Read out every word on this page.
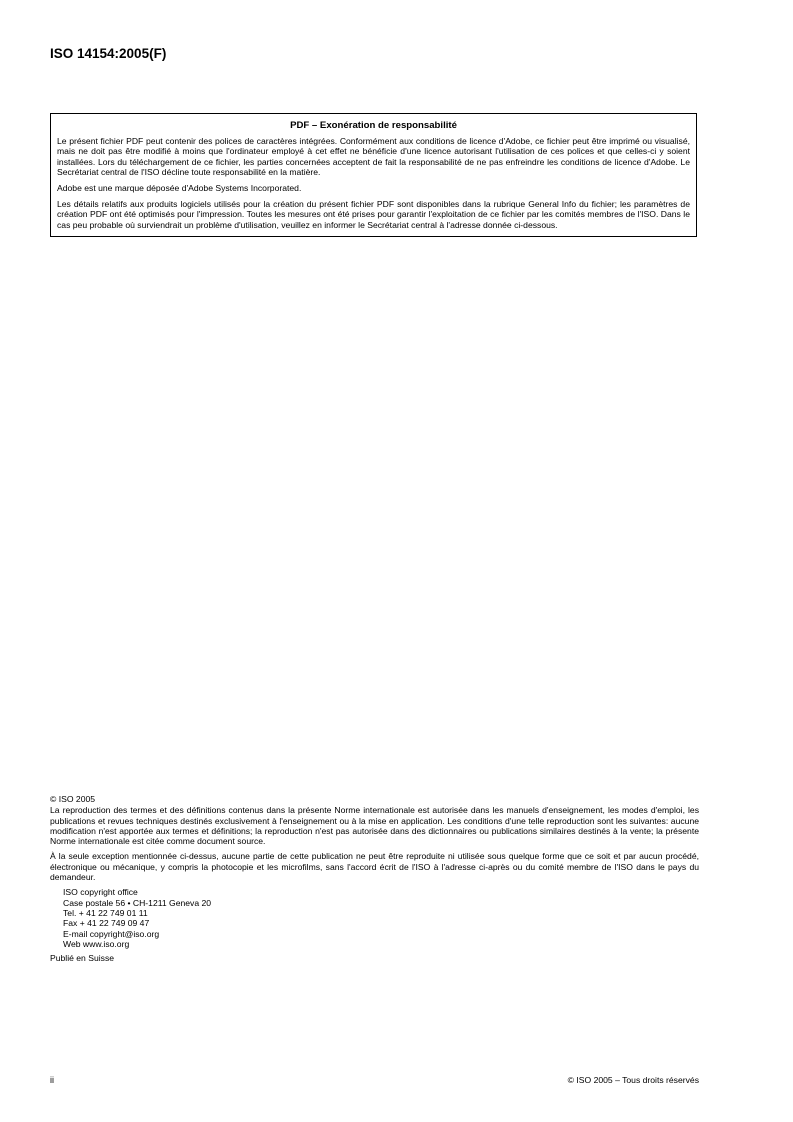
ISO 14154:2005(F)

PDF – Exonération de responsabilité

Le présent fichier PDF peut contenir des polices de caractères intégrées. Conformément aux conditions de licence d'Adobe, ce fichier peut être imprimé ou visualisé, mais ne doit pas être modifié à moins que l'ordinateur employé à cet effet ne bénéficie d'une licence autorisant l'utilisation de ces polices et que celles-ci y soient installées. Lors du téléchargement de ce fichier, les parties concernées acceptent de fait la responsabilité de ne pas enfreindre les conditions de licence d'Adobe. Le Secrétariat central de l'ISO décline toute responsabilité en la matière.

Adobe est une marque déposée d'Adobe Systems Incorporated.

Les détails relatifs aux produits logiciels utilisés pour la création du présent fichier PDF sont disponibles dans la rubrique General Info du fichier; les paramètres de création PDF ont été optimisés pour l'impression. Toutes les mesures ont été prises pour garantir l'exploitation de ce fichier par les comités membres de l'ISO. Dans le cas peu probable où surviendrait un problème d'utilisation, veuillez en informer le Secrétariat central à l'adresse donnée ci-dessous.

© ISO 2005

La reproduction des termes et des définitions contenus dans la présente Norme internationale est autorisée dans les manuels d'enseignement, les modes d'emploi, les publications et revues techniques destinés exclusivement à l'enseignement ou à la mise en application. Les conditions d'une telle reproduction sont les suivantes: aucune modification n'est apportée aux termes et définitions; la reproduction n'est pas autorisée dans des dictionnaires ou publications similaires destinés à la vente; la présente Norme internationale est citée comme document source.

À la seule exception mentionnée ci-dessus, aucune partie de cette publication ne peut être reproduite ni utilisée sous quelque forme que ce soit et par aucun procédé, électronique ou mécanique, y compris la photocopie et les microfilms, sans l'accord écrit de l'ISO à l'adresse ci-après ou du comité membre de l'ISO dans le pays du demandeur.

ISO copyright office
Case postale 56 • CH-1211 Geneva 20
Tel. + 41 22 749 01 11
Fax + 41 22 749 09 47
E-mail copyright@iso.org
Web www.iso.org

Publié en Suisse

ii	© ISO 2005 – Tous droits réservés
